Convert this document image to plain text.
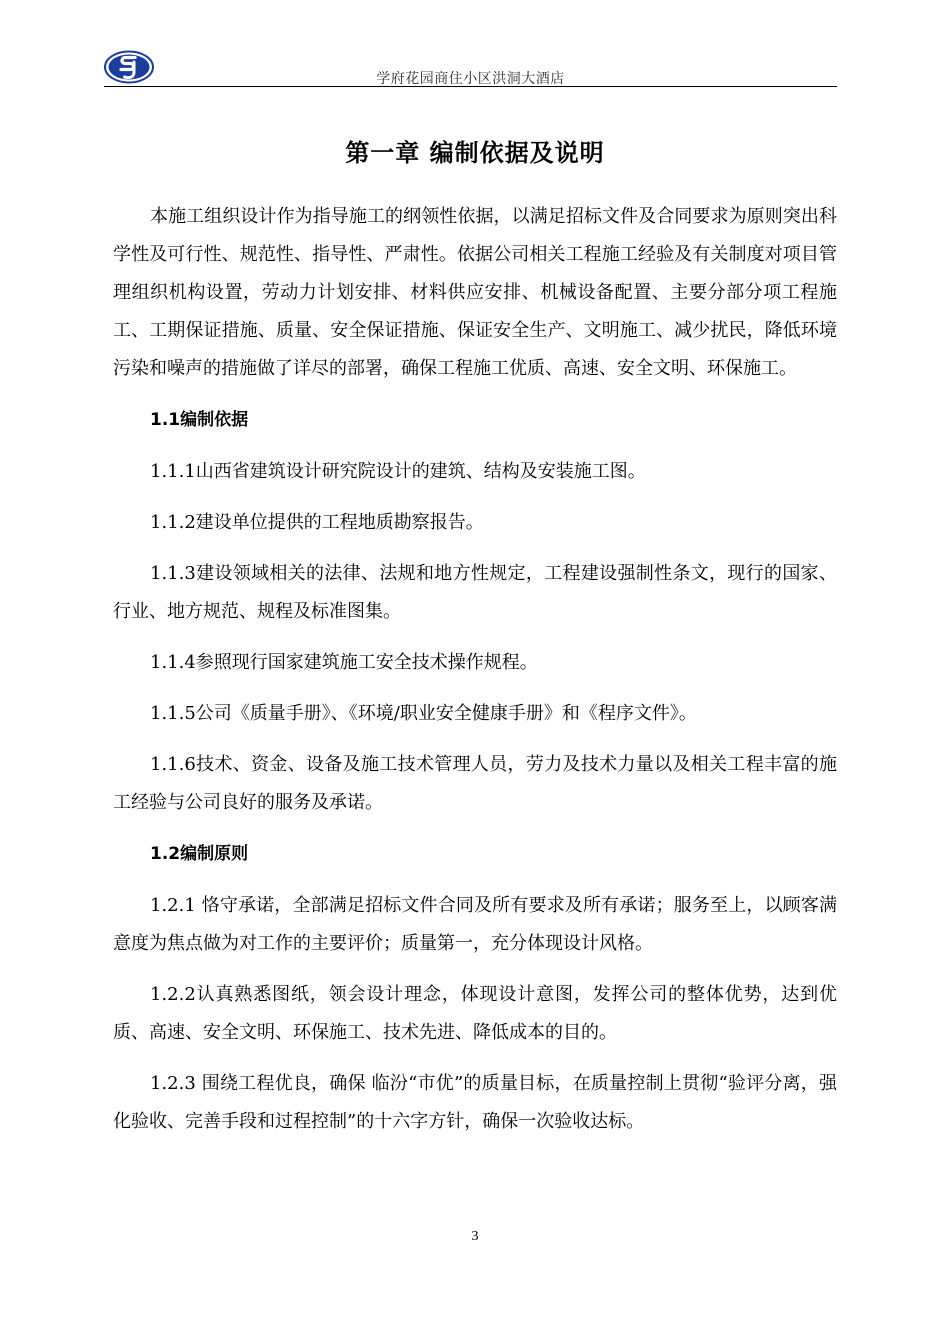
学府花园商住小区洪洞大酒店
第一章 编制依据及说明

本施工组织设计作为指导施工的纲领性依据，以满足招标文件及合同要求为原则突出科学性及可行性、规范性、指导性、严肃性。依据公司相关工程施工经验及有关制度对项目管理组织机构设置，劳动力计划安排、材料供应安排、机械设备配置、主要分部分项工程施工、工期保证措施、质量、安全保证措施、保证安全生产、文明施工、减少扰民，降低环境污染和噪声的措施做了详尽的部署，确保工程施工优质、高速、安全文明、环保施工。

1.1编制依据

1.1.1山西省建筑设计研究院设计的建筑、结构及安装施工图。

1.1.2建设单位提供的工程地质勘察报告。

1.1.3建设领域相关的法律、法规和地方性规定，工程建设强制性条文，现行的国家、行业、地方规范、规程及标准图集。

1.1.4参照现行国家建筑施工安全技术操作规程。

1.1.5公司《质量手册》、《环境/职业安全健康手册》和《程序文件》。

1.1.6技术、资金、设备及施工技术管理人员，劳力及技术力量以及相关工程丰富的施工经验与公司良好的服务及承诺。

1.2编制原则

1.2.1 恪守承诺，全部满足招标文件合同及所有要求及所有承诺；服务至上，以顾客满意度为焦点做为对工作的主要评价；质量第一，充分体现设计风格。

1.2.2认真熟悉图纸，领会设计理念，体现设计意图，发挥公司的整体优势，达到优质、高速、安全文明、环保施工、技术先进、降低成本的目的。

1.2.3 围绕工程优良，确保 临汾“市优”的质量目标，在质量控制上贯彻“验评分离，强化验收、完善手段和过程控制”的十六字方针，确保一次验收达标。

3
